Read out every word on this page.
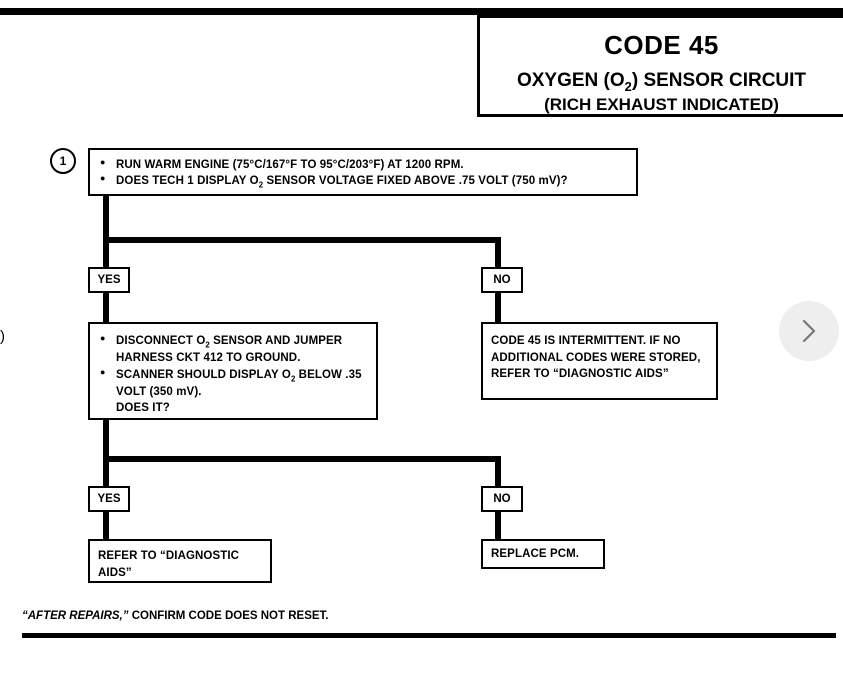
CODE 45
OXYGEN $(O_2)$ SENSOR CIRCUIT
(RICH EXHAUST INDICATED)
)
1	● RUN WARM ENGINE (75°C/167°F TO 95°C/203°F) AT 1200 RPM.
● DOES TECH 1 DISPLAY $O_2$ SENSOR VOLTAGE FIXED ABOVE .75 VOLT (750 mV)?
YES	NO
● DISCONNECT $O_2$ SENSOR AND JUMPER HARNESS CKT 412 TO GROUND.
● SCANNER SHOULD DISPLAY $O_2$ BELOW .35 VOLT (350 mV).
DOES IT?
CODE 45 IS INTERMITTENT. IF NO ADDITIONAL CODES WERE STORED, REFER TO “DIAGNOSTIC AIDS”
YES	NO
REFER TO “DIAGNOSTIC AIDS”
REPLACE PCM.
“AFTER REPAIRS,” CONFIRM CODE DOES NOT RESET.
